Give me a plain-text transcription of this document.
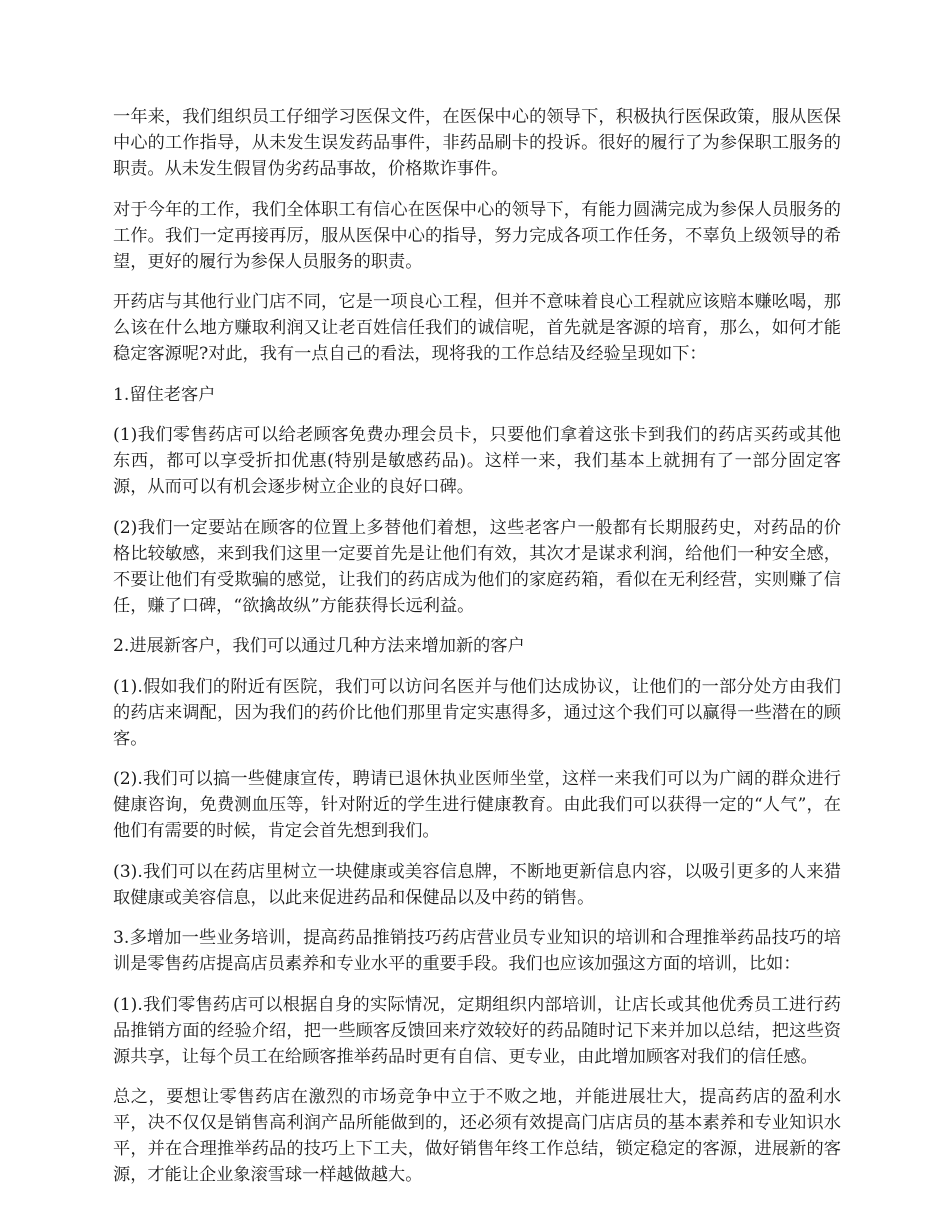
一年来，我们组织员工仔细学习医保文件，在医保中心的领导下，积极执行医保政策，服从医保中心的工作指导，从未发生误发药品事件，非药品刷卡的投诉。很好的履行了为参保职工服务的职责。从未发生假冒伪劣药品事故，价格欺诈事件。

对于今年的工作，我们全体职工有信心在医保中心的领导下，有能力圆满完成为参保人员服务的工作。我们一定再接再厉，服从医保中心的指导，努力完成各项工作任务，不辜负上级领导的希望，更好的履行为参保人员服务的职责。

开药店与其他行业门店不同，它是一项良心工程，但并不意味着良心工程就应该赔本赚吆喝，那么该在什么地方赚取利润又让老百姓信任我们的诚信呢，首先就是客源的培育，那么，如何才能稳定客源呢?对此，我有一点自己的看法，现将我的工作总结及经验呈现如下：

1.留住老客户

(1)我们零售药店可以给老顾客免费办理会员卡，只要他们拿着这张卡到我们的药店买药或其他东西，都可以享受折扣优惠(特别是敏感药品)。这样一来，我们基本上就拥有了一部分固定客源，从而可以有机会逐步树立企业的良好口碑。

(2)我们一定要站在顾客的位置上多替他们着想，这些老客户一般都有长期服药史，对药品的价格比较敏感，来到我们这里一定要首先是让他们有效，其次才是谋求利润，给他们一种安全感，不要让他们有受欺骗的感觉，让我们的药店成为他们的家庭药箱，看似在无利经营，实则赚了信任，赚了口碑，“欲擒故纵”方能获得长远利益。

2.进展新客户，我们可以通过几种方法来增加新的客户

(1).假如我们的附近有医院，我们可以访问名医并与他们达成协议，让他们的一部分处方由我们的药店来调配，因为我们的药价比他们那里肯定实惠得多，通过这个我们可以赢得一些潜在的顾客。

(2).我们可以搞一些健康宣传，聘请已退休执业医师坐堂，这样一来我们可以为广阔的群众进行健康咨询，免费测血压等，针对附近的学生进行健康教育。由此我们可以获得一定的“人气”，在他们有需要的时候，肯定会首先想到我们。

(3).我们可以在药店里树立一块健康或美容信息牌，不断地更新信息内容，以吸引更多的人来猎取健康或美容信息，以此来促进药品和保健品以及中药的销售。

3.多增加一些业务培训，提高药品推销技巧药店营业员专业知识的培训和合理推举药品技巧的培训是零售药店提高店员素养和专业水平的重要手段。我们也应该加强这方面的培训，比如：

(1).我们零售药店可以根据自身的实际情况，定期组织内部培训，让店长或其他优秀员工进行药品推销方面的经验介绍，把一些顾客反馈回来疗效较好的药品随时记下来并加以总结，把这些资源共享，让每个员工在给顾客推举药品时更有自信、更专业，由此增加顾客对我们的信任感。

总之，要想让零售药店在激烈的市场竞争中立于不败之地，并能进展壮大，提高药店的盈利水平，决不仅仅是销售高利润产品所能做到的，还必须有效提高门店店员的基本素养和专业知识水平，并在合理推举药品的技巧上下工夫，做好销售年终工作总结，锁定稳定的客源，进展新的客源，才能让企业象滚雪球一样越做越大。
